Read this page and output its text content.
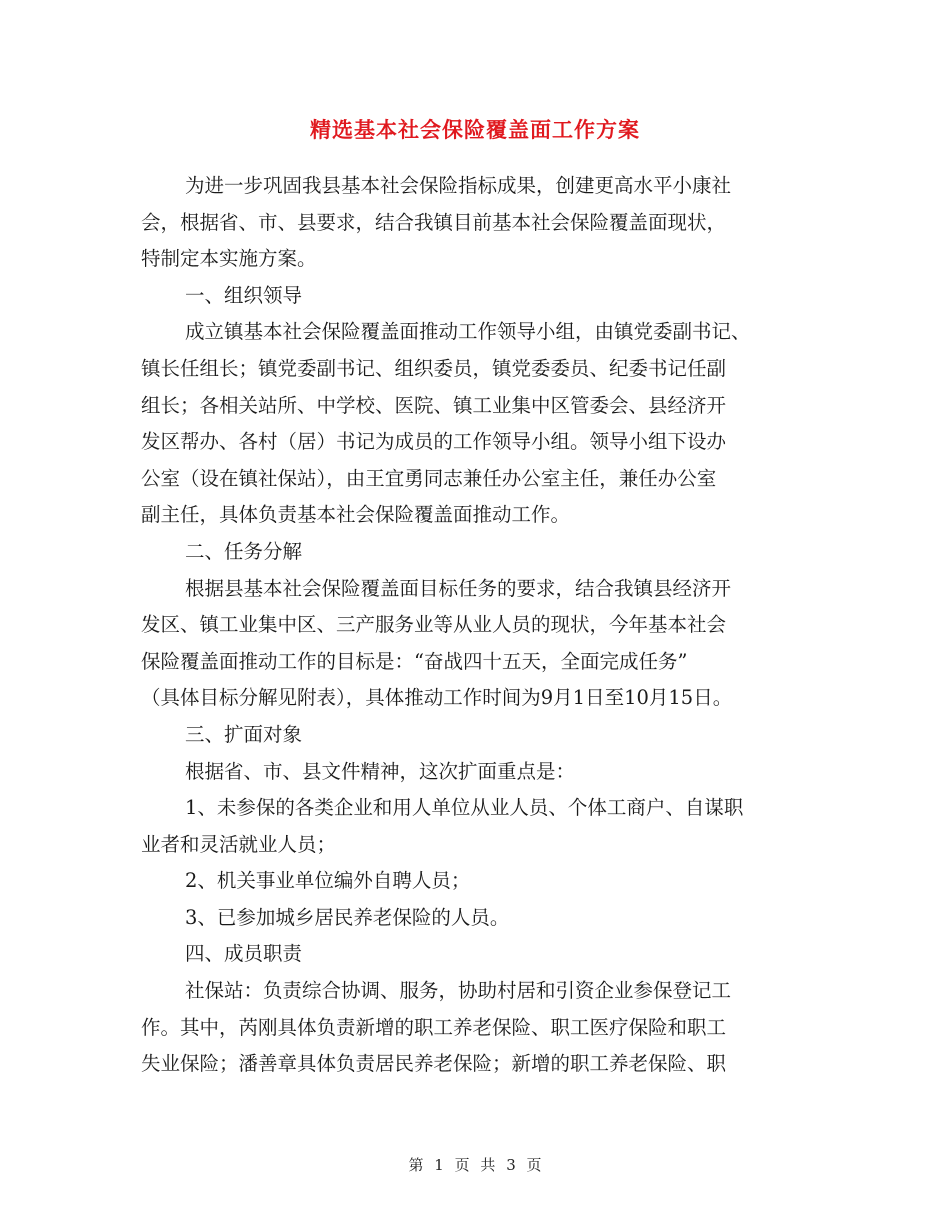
精选基本社会保险覆盖面工作方案

为进一步巩固我县基本社会保险指标成果，创建更高水平小康社

会，根据省、市、县要求，结合我镇目前基本社会保险覆盖面现状，

特制定本实施方案。

一、组织领导

成立镇基本社会保险覆盖面推动工作领导小组，由镇党委副书记、

镇长任组长；镇党委副书记、组织委员，镇党委委员、纪委书记任副

组长；各相关站所、中学校、医院、镇工业集中区管委会、县经济开

发区帮办、各村（居）书记为成员的工作领导小组。领导小组下设办

公室（设在镇社保站），由王宜勇同志兼任办公室主任，兼任办公室

副主任，具体负责基本社会保险覆盖面推动工作。

二、任务分解

根据县基本社会保险覆盖面目标任务的要求，结合我镇县经济开

发区、镇工业集中区、三产服务业等从业人员的现状，今年基本社会

保险覆盖面推动工作的目标是：“奋战四十五天，全面完成任务”

（具体目标分解见附表），具体推动工作时间为9月1日至10月15日。

三、扩面对象

根据省、市、县文件精神，这次扩面重点是：

1、未参保的各类企业和用人单位从业人员、个体工商户、自谋职

业者和灵活就业人员；

2、机关事业单位编外自聘人员；

3、已参加城乡居民养老保险的人员。

四、成员职责

社保站：负责综合协调、服务，协助村居和引资企业参保登记工

作。其中，芮刚具体负责新增的职工养老保险、职工医疗保险和职工

失业保险；潘善章具体负责居民养老保险；新增的职工养老保险、职

第 1 页 共 3 页
